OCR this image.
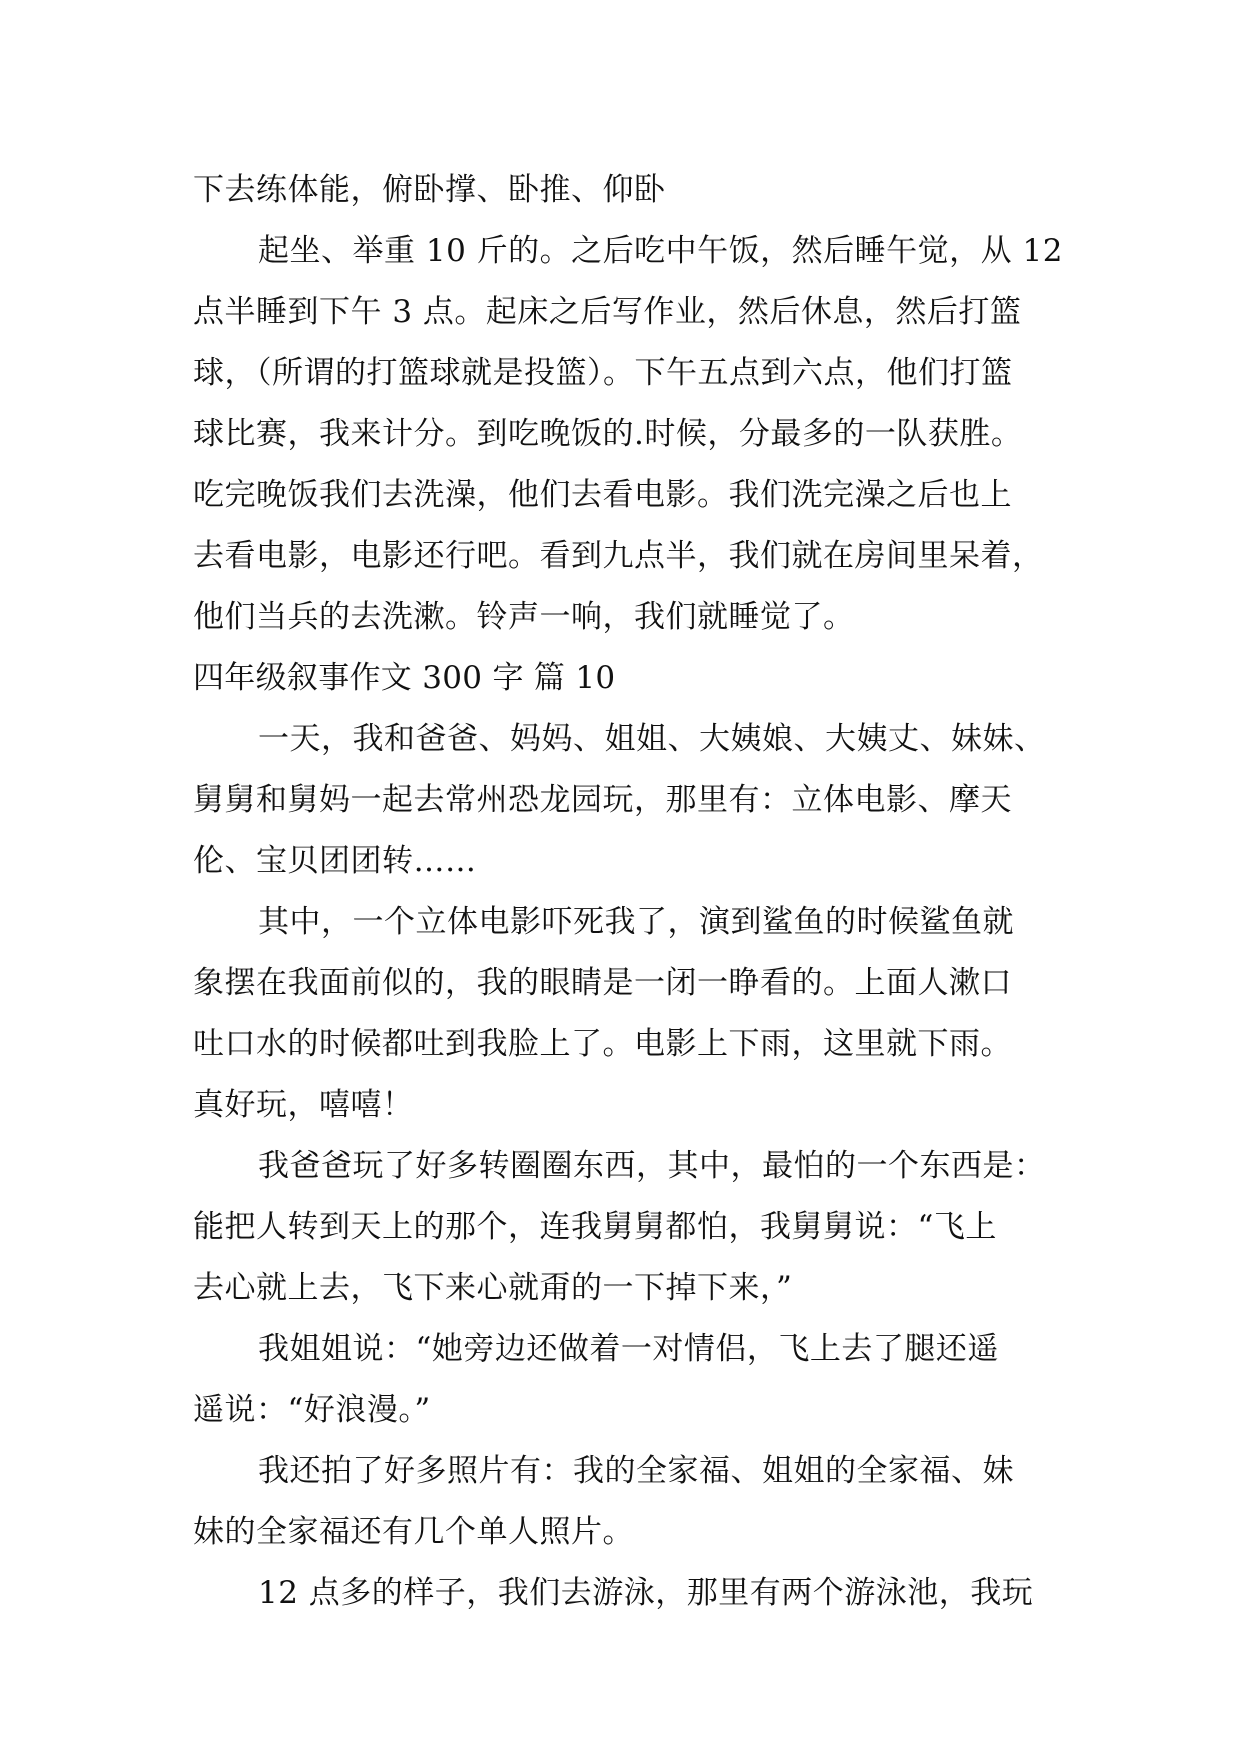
下去练体能，俯卧撑、卧推、仰卧
起坐、举重 10 斤的。之后吃中午饭，然后睡午觉，从 12
点半睡到下午 3 点。起床之后写作业，然后休息，然后打篮
球，（所谓的打篮球就是投篮）。下午五点到六点，他们打篮
球比赛，我来计分。到吃晚饭的.时候，分最多的一队获胜。
吃完晚饭我们去洗澡，他们去看电影。我们洗完澡之后也上
去看电影，电影还行吧。看到九点半，我们就在房间里呆着，
他们当兵的去洗漱。铃声一响，我们就睡觉了。
四年级叙事作文 300 字 篇 10
一天，我和爸爸、妈妈、姐姐、大姨娘、大姨丈、妹妹、
舅舅和舅妈一起去常州恐龙园玩，那里有：立体电影、摩天
伦、宝贝团团转……
其中，一个立体电影吓死我了，演到鲨鱼的时候鲨鱼就
象摆在我面前似的，我的眼睛是一闭一睁看的。上面人漱口
吐口水的时候都吐到我脸上了。电影上下雨，这里就下雨。
真好玩，嘻嘻！
我爸爸玩了好多转圈圈东西，其中，最怕的一个东西是：
能把人转到天上的那个，连我舅舅都怕，我舅舅说：“飞上
去心就上去，飞下来心就甭的一下掉下来，”
我姐姐说：“她旁边还做着一对情侣，飞上去了腿还遥
遥说：“好浪漫。”
我还拍了好多照片有：我的全家福、姐姐的全家福、妹
妹的全家福还有几个单人照片。
12 点多的样子，我们去游泳，那里有两个游泳池，我玩
